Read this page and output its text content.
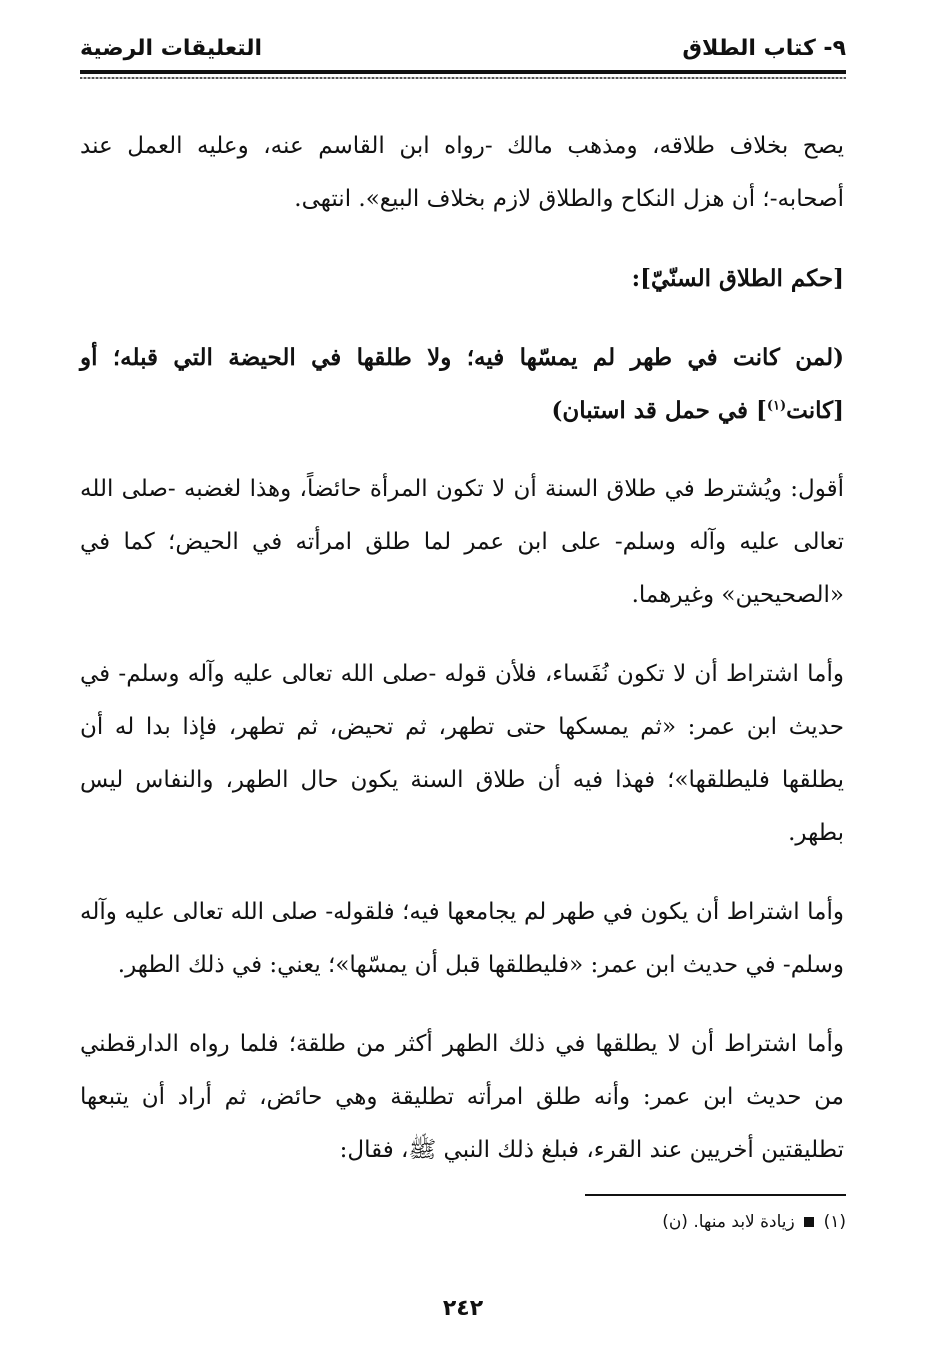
٩- كتاب الطلاق
التعليقات الرضية

يصح بخلاف طلاقه، ومذهب مالك -رواه ابن القاسم عنه، وعليه العمل عند أصحابه-؛ أن هزل النكاح والطلاق لازم بخلاف البيع». انتهى.

[حكم الطلاق السنّيّ]:

(لمن كانت في طهر لم يمسّها فيه؛ ولا طلقها في الحيضة التي قبله؛ أو [كانت$^{(١)}$] في حمل قد استبان)

أقول: ويُشترط في طلاق السنة أن لا تكون المرأة حائضاً، وهذا لغضبه -صلى الله تعالى عليه وآله وسلم- على ابن عمر لما طلق امرأته في الحيض؛ كما في «الصحيحين» وغيرهما.

وأما اشتراط أن لا تكون نُفَساء، فلأن قوله -صلى الله تعالى عليه وآله وسلم- في حديث ابن عمر: «ثم يمسكها حتى تطهر، ثم تحيض، ثم تطهر، فإذا بدا له أن يطلقها فليطلقها»؛ فهذا فيه أن طلاق السنة يكون حال الطهر، والنفاس ليس بطهر.

وأما اشتراط أن يكون في طهر لم يجامعها فيه؛ فلقوله- صلى الله تعالى عليه وآله وسلم- في حديث ابن عمر: «فليطلقها قبل أن يمسّها»؛ يعني: في ذلك الطهر.

وأما اشتراط أن لا يطلقها في ذلك الطهر أكثر من طلقة؛ فلما رواه الدارقطني من حديث ابن عمر: وأنه طلق امرأته تطليقة وهي حائض، ثم أراد أن يتبعها تطليقتين أخريين عند القرء، فبلغ ذلك النبي ﷺ، فقال:

(١)  زيادة لابد منها. (ن)
٢٤٢
